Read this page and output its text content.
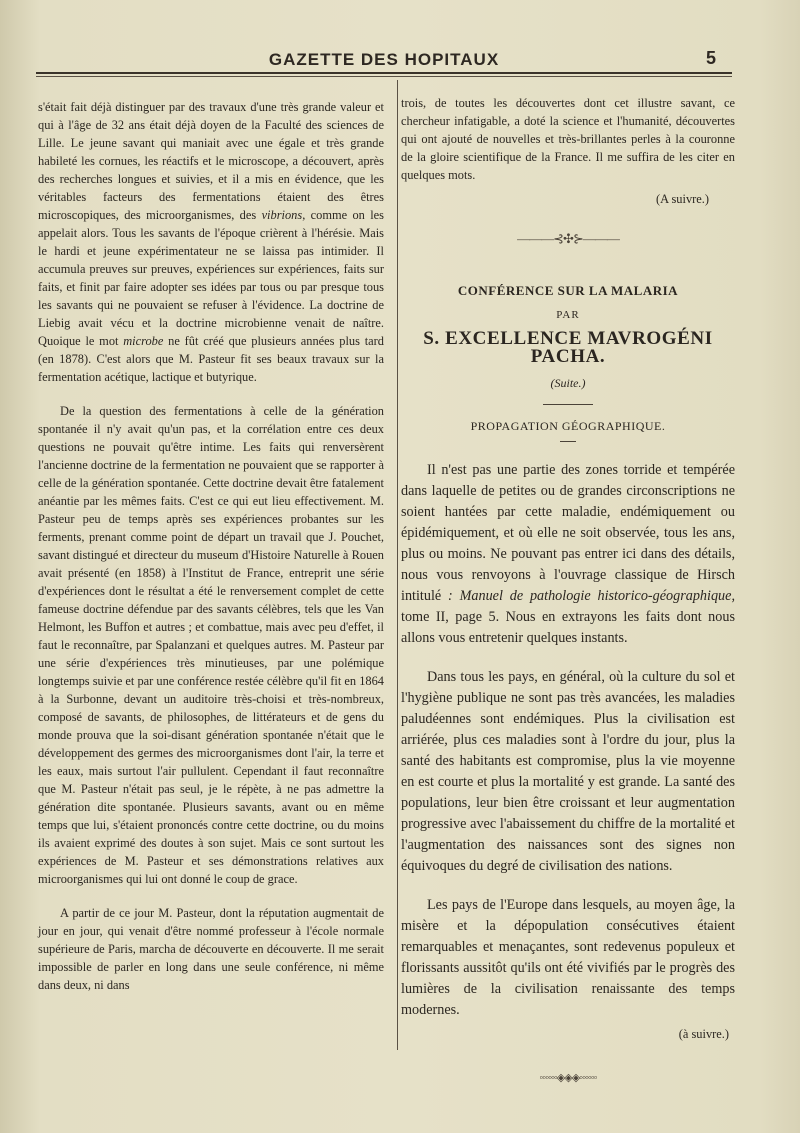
GAZETTE DES HOPITAUX	5

s'était fait déjà distinguer par des travaux d'une très grande valeur et qui à l'âge de 32 ans était déjà doyen de la Faculté des sciences de Lille. Le jeune savant qui maniait avec une égale et très grande habileté les cornues, les réactifs et le microscope, a découvert, après des recherches longues et suivies, et il a mis en évidence, que les véritables facteurs des fermentations étaient des êtres microscopiques, des microorganismes, des vibrions, comme on les appelait alors. Tous les savants de l'époque crièrent à l'hérésie. Mais le hardi et jeune expérimentateur ne se laissa pas intimider. Il accumula preuves sur preuves, expériences sur expériences, faits sur faits, et finit par faire adopter ses idées par tous ou par presque tous les savants qui ne pouvaient se refuser à l'évidence. La doctrine de Liebig avait vécu et la doctrine microbienne venait de naître. Quoique le mot microbe ne fût créé que plusieurs années plus tard (en 1878). C'est alors que M. Pasteur fit ses beaux travaux sur la fermentation acétique, lactique et butyrique.

De la question des fermentations à celle de la génération spontanée il n'y avait qu'un pas, et la corrélation entre ces deux questions ne pouvait qu'être intime. Les faits qui renversèrent l'ancienne doctrine de la fermentation ne pouvaient que se rapporter à celle de la génération spontanée. Cette doctrine devait être fatalement anéantie par les mêmes faits. C'est ce qui eut lieu effectivement. M. Pasteur peu de temps après ses expériences probantes sur les ferments, prenant comme point de départ un travail que J. Pouchet, savant distingué et directeur du museum d'Histoire Naturelle à Rouen avait présenté (en 1858) à l'Institut de France, entreprit une série d'expériences dont le résultat a été le renversement complet de cette fameuse doctrine défendue par des savants célèbres, tels que les Van Helmont, les Buffon et autres ; et combattue, mais avec peu d'effet, il faut le reconnaître, par Spalanzani et quelques autres. M. Pasteur par une série d'expériences très minutieuses, par une polémique longtemps suivie et par une conférence restée célèbre qu'il fit en 1864 à la Surbonne, devant un auditoire très-choisi et très-nombreux, composé de savants, de philosophes, de littérateurs et de gens du monde prouva que la soi-disant génération spontanée n'était que le développement des germes des microorganismes dont l'air, la terre et les eaux, mais surtout l'air pullulent. Cependant il faut reconnaître que M. Pasteur n'était pas seul, je le répète, à ne pas admettre la génération dite spontanée. Plusieurs savants, avant ou en même temps que lui, s'étaient prononcés contre cette doctrine, ou du moins ils avaient exprimé des doutes à son sujet. Mais ce sont surtout les expériences de M. Pasteur et ses démonstrations relatives aux microorganismes qui lui ont donné le coup de grace.

A partir de ce jour M. Pasteur, dont la réputation augmentait de jour en jour, qui venait d'être nommé professeur à l'école normale supérieure de Paris, marcha de découverte en découverte. Il me serait impossible de parler en long dans une seule conférence, ni même dans deux, ni dans

trois, de toutes les découvertes dont cet illustre savant, ce chercheur infatigable, a doté la science et l'humanité, découvertes qui ont ajouté de nouvelles et très-brillantes perles à la couronne de la gloire scientifique de la France. Il me suffira de les citer en quelques mots.

(A suivre.)
———⊰✣⊱———
CONFÉRENCE SUR LA MALARIA
PAR
S. EXCELLENCE MAVROGÉNI PACHA.
(Suite.)
PROPAGATION GÉOGRAPHIQUE.

Il n'est pas une partie des zones torride et tempérée dans laquelle de petites ou de grandes circonscriptions ne soient hantées par cette maladie, endémiquement ou épidémiquement, et où elle ne soit observée, tous les ans, plus ou moins. Ne pouvant pas entrer ici dans des détails, nous vous renvoyons à l'ouvrage classique de Hirsch intitulé : Manuel de pathologie historico-géographique, tome II, page 5. Nous en extrayons les faits dont nous allons vous entretenir quelques instants.

Dans tous les pays, en général, où la culture du sol et l'hygiène publique ne sont pas très avancées, les maladies paludéennes sont endémiques. Plus la civilisation est arriérée, plus ces maladies sont à l'ordre du jour, plus la santé des habitants est compromise, plus la vie moyenne en est courte et plus la mortalité y est grande. La santé des populations, leur bien être croissant et leur augmentation progressive avec l'abaissement du chiffre de la mortalité et l'augmentation des naissances sont des signes non équivoques du degré de civilisation des nations.

Les pays de l'Europe dans lesquels, au moyen âge, la misère et la dépopulation consécutives étaient remarquables et menaçantes, sont redevenus populeux et florissants aussitôt qu'ils ont été vivifiés par le progrès des lumières de la civilisation renaissante des temps modernes.

(à suivre.)
◦◦◦◦◦◦◈◈◈◦◦◦◦◦◦
